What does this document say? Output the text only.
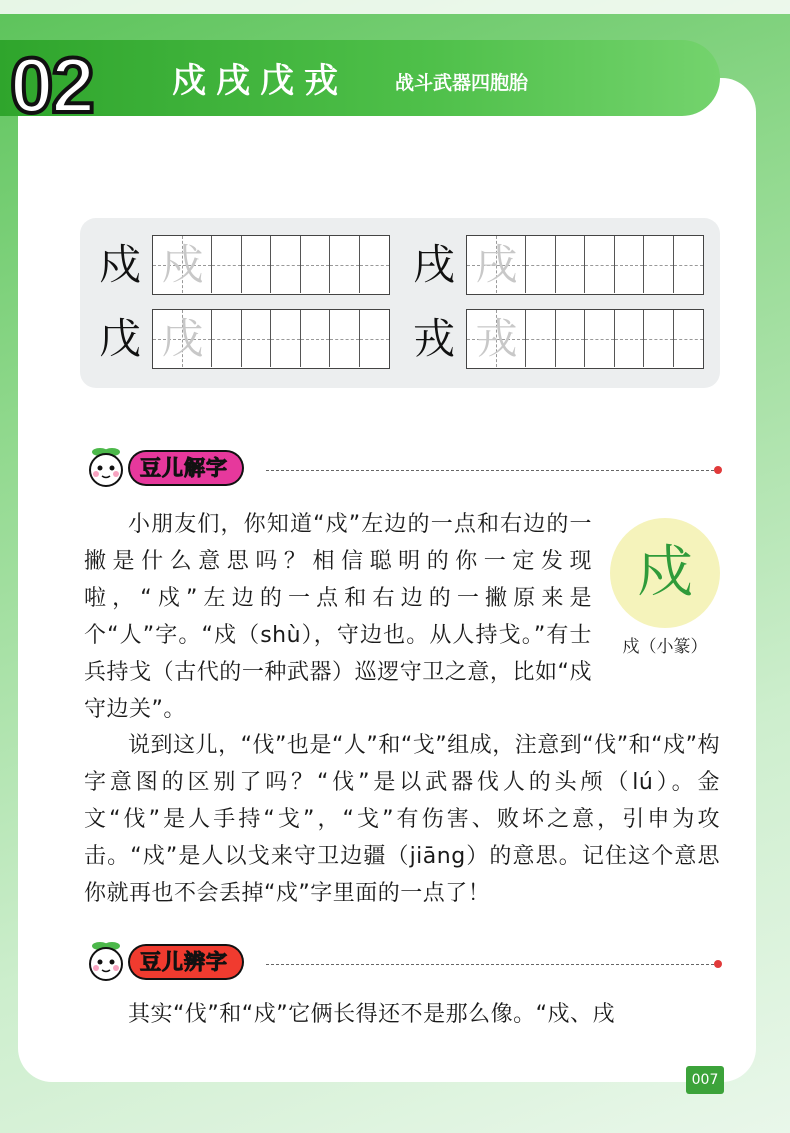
02	戍戌戊戎 战斗武器四胞胎
戍 戍	戌 戌
戊 戊	戎 戎
豆儿解字
小朋友们，你知道“戍”左边的一点和右边的一撇是什么意思吗？相信聪明的你一定发现啦，“戍”左边的一点和右边的一撇原来是个“人”字。“戍（shù），守边也。从人持戈。”有士兵持戈（古代的一种武器）巡逻守卫之意，比如“戍守边关”。
戍
戍（小篆）
说到这儿，“伐”也是“人”和“戈”组成，注意到“伐”和“戍”构字意图的区别了吗？“伐”是以武器伐人的头颅（lú）。金文“伐”是人手持“戈”，“戈”有伤害、败坏之意，引申为攻击。“戍”是人以戈来守卫边疆（jiāng）的意思。记住这个意思你就再也不会丢掉“戍”字里面的一点了！
豆儿辨字
其实“伐”和“戍”它俩长得还不是那么像。“戍、戌
007
